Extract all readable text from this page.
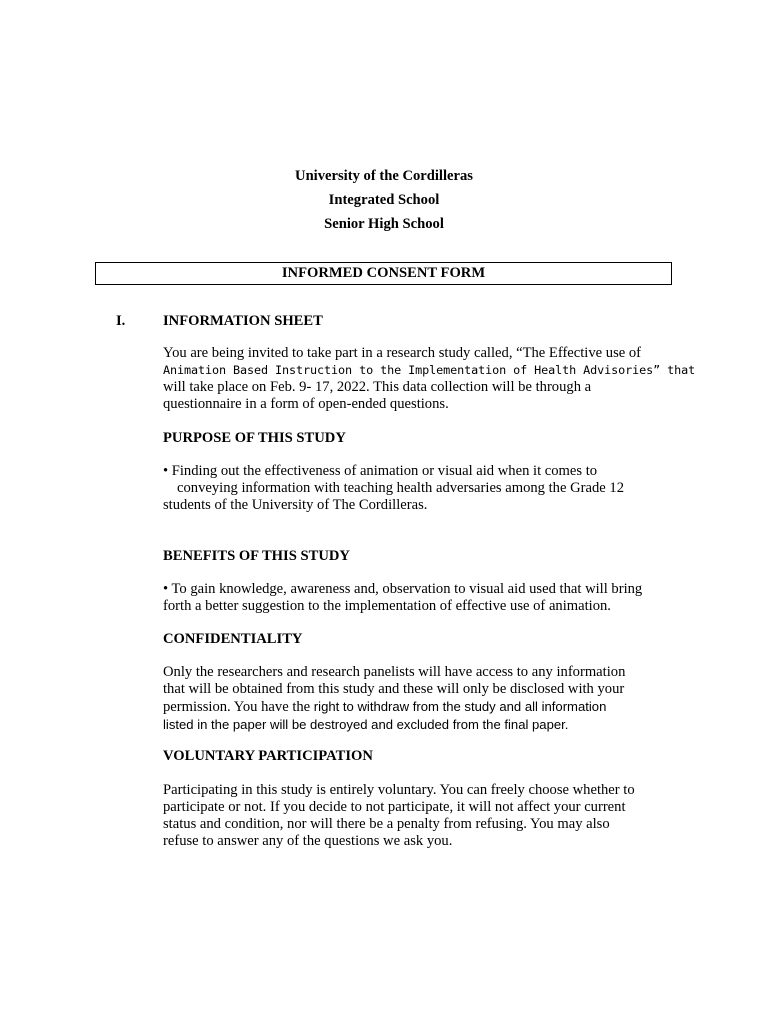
University of the Cordilleras
Integrated School
Senior High School
INFORMED CONSENT FORM
I.	INFORMATION SHEET
You are being invited to take part in a research study called, “The Effective use of
Animation Based Instruction to the Implementation of Health Advisories” that
will take place on Feb. 9- 17, 2022. This data collection will be through a
questionnaire in a form of open-ended questions.
PURPOSE OF THIS STUDY
• Finding out the effectiveness of animation or visual aid when it comes to
conveying information with teaching health adversaries among the Grade 12
students of the University of The Cordilleras.
BENEFITS OF THIS STUDY
• To gain knowledge, awareness and, observation to visual aid used that will bring
forth a better suggestion to the implementation of effective use of animation.
CONFIDENTIALITY
Only the researchers and research panelists will have access to any information
that will be obtained from this study and these will only be disclosed with your
permission. You have the right to withdraw from the study and all information
listed in the paper will be destroyed and excluded from the final paper.
VOLUNTARY PARTICIPATION
Participating in this study is entirely voluntary. You can freely choose whether to
participate or not. If you decide to not participate, it will not affect your current
status and condition, nor will there be a penalty from refusing. You may also
refuse to answer any of the questions we ask you.
